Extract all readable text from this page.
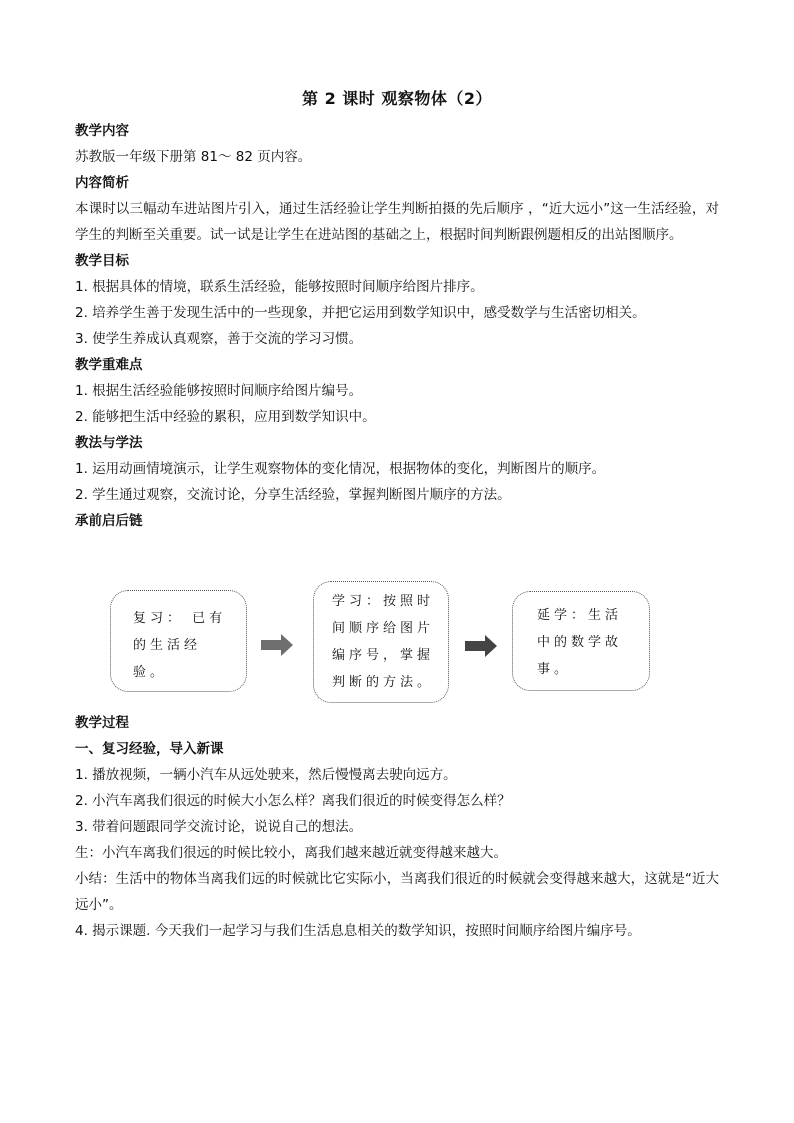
第 2 课时 观察物体（2）
教学内容

苏教版一年级下册第 81～ 82 页内容。

内容简析

本课时以三幅动车进站图片引入，通过生活经验让学生判断拍摄的先后顺序 ，“近大远小”这一生活经验，对学生的判断至关重要。试一试是让学生在进站图的基础之上，根据时间判断跟例题相反的出站图顺序。

教学目标

1. 根据具体的情境，联系生活经验，能够按照时间顺序给图片排序。

2. 培养学生善于发现生活中的一些现象，并把它运用到数学知识中，感受数学与生活密切相关。

3. 使学生养成认真观察，善于交流的学习习惯。

教学重难点

1. 根据生活经验能够按照时间顺序给图片编号。

2. 能够把生活中经验的累积，应用到数学知识中。

教法与学法

1. 运用动画情境演示，让学生观察物体的变化情况，根据物体的变化，判断图片的顺序。

2. 学生通过观察，交流讨论，分享生活经验，掌握判断图片顺序的方法。

承前启后链
复习： 已有的生活经验。
学习：按照时间顺序给图片编序号，掌握判断的方法。
延学：生活中的数学故事。
教学过程
一、复习经验，导入新课

1. 播放视频，一辆小汽车从远处驶来，然后慢慢离去驶向远方。

2. 小汽车离我们很远的时候大小怎么样？离我们很近的时候变得怎么样？

3. 带着问题跟同学交流讨论，说说自己的想法。

生：小汽车离我们很远的时候比较小，离我们越来越近就变得越来越大。

小结：生活中的物体当离我们远的时候就比它实际小，当离我们很近的时候就会变得越来越大，这就是“近大远小”。

4. 揭示课题. 今天我们一起学习与我们生活息息相关的数学知识，按照时间顺序给图片编序号。
